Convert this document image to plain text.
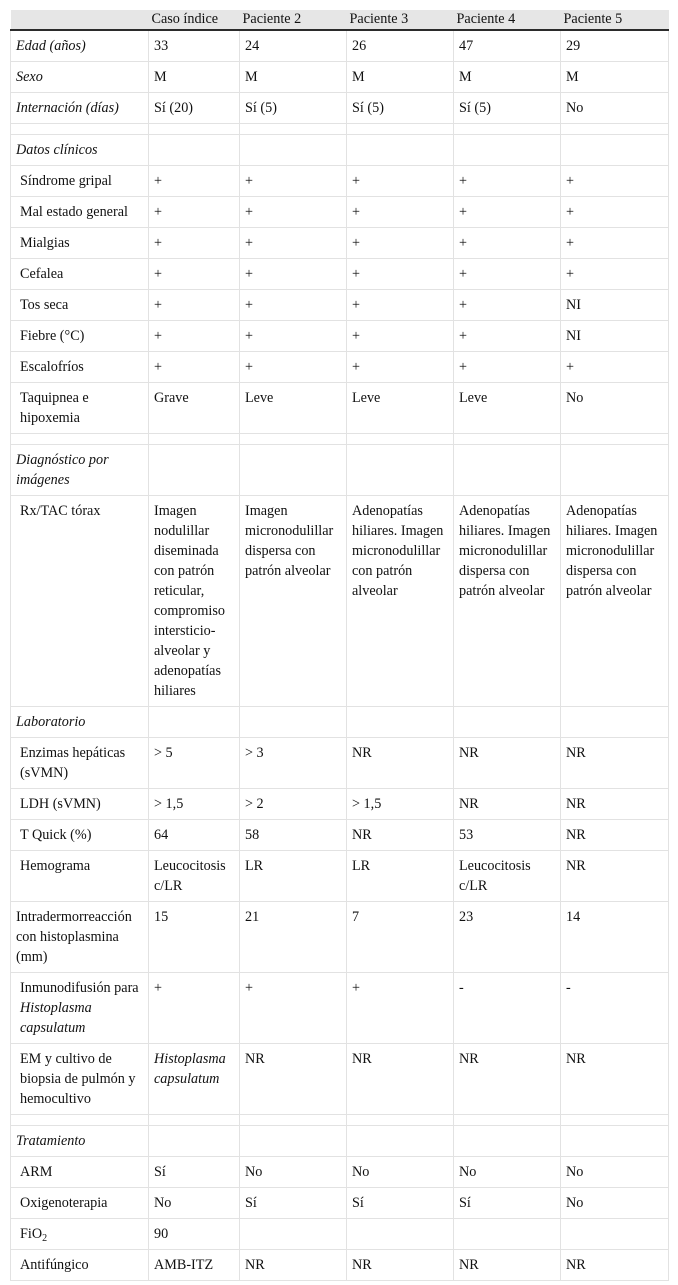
	Caso índice	Paciente 2	Paciente 3	Paciente 4	Paciente 5
Edad (años)	33	24	26	47	29
Sexo	M	M	M	M	M
Internación (días)	Sí (20)	Sí (5)	Sí (5)	Sí (5)	No

Datos clínicos					
Síndrome gripal	+	+	+	+	+
Mal estado general	+	+	+	+	+
Mialgias	+	+	+	+	+
Cefalea	+	+	+	+	+
Tos seca	+	+	+	+	NI
Fiebre (°C)	+	+	+	+	NI
Escalofríos	+	+	+	+	+
Taquipnea e hipoxemia	Grave	Leve	Leve	Leve	No

Diagnóstico por imágenes					
Rx/TAC tórax	Imagen nodulillar diseminada con patrón reticular, compromiso intersticio-alveolar y adenopatías hiliares	Imagen micronodulillar dispersa con patrón alveolar	Adenopatías hiliares. Imagen micronodulillar con patrón alveolar	Adenopatías hiliares. Imagen micronodulillar dispersa con patrón alveolar	Adenopatías hiliares. Imagen micronodulillar dispersa con patrón alveolar
Laboratorio					
Enzimas hepáticas (sVMN)	> 5	> 3	NR	NR	NR
LDH (sVMN)	> 1,5	> 2	> 1,5	NR	NR
T Quick (%)	64	58	NR	53	NR
Hemograma	Leucocitosis c/LR	LR	LR	Leucocitosis c/LR	NR
Intradermorreacción con histoplasmina (mm)	15	21	7	23	14
Inmunodifusión para Histoplasma capsulatum	+	+	+	-	-
EM y cultivo de biopsia de pulmón y hemocultivo	Histoplasma capsulatum	NR	NR	NR	NR

Tratamiento					
ARM	Sí	No	No	No	No
Oxigenoterapia	No	Sí	Sí	Sí	No
FiO$_2$	90				
Antifúngico	AMB-ITZ	NR	NR	NR	NR
